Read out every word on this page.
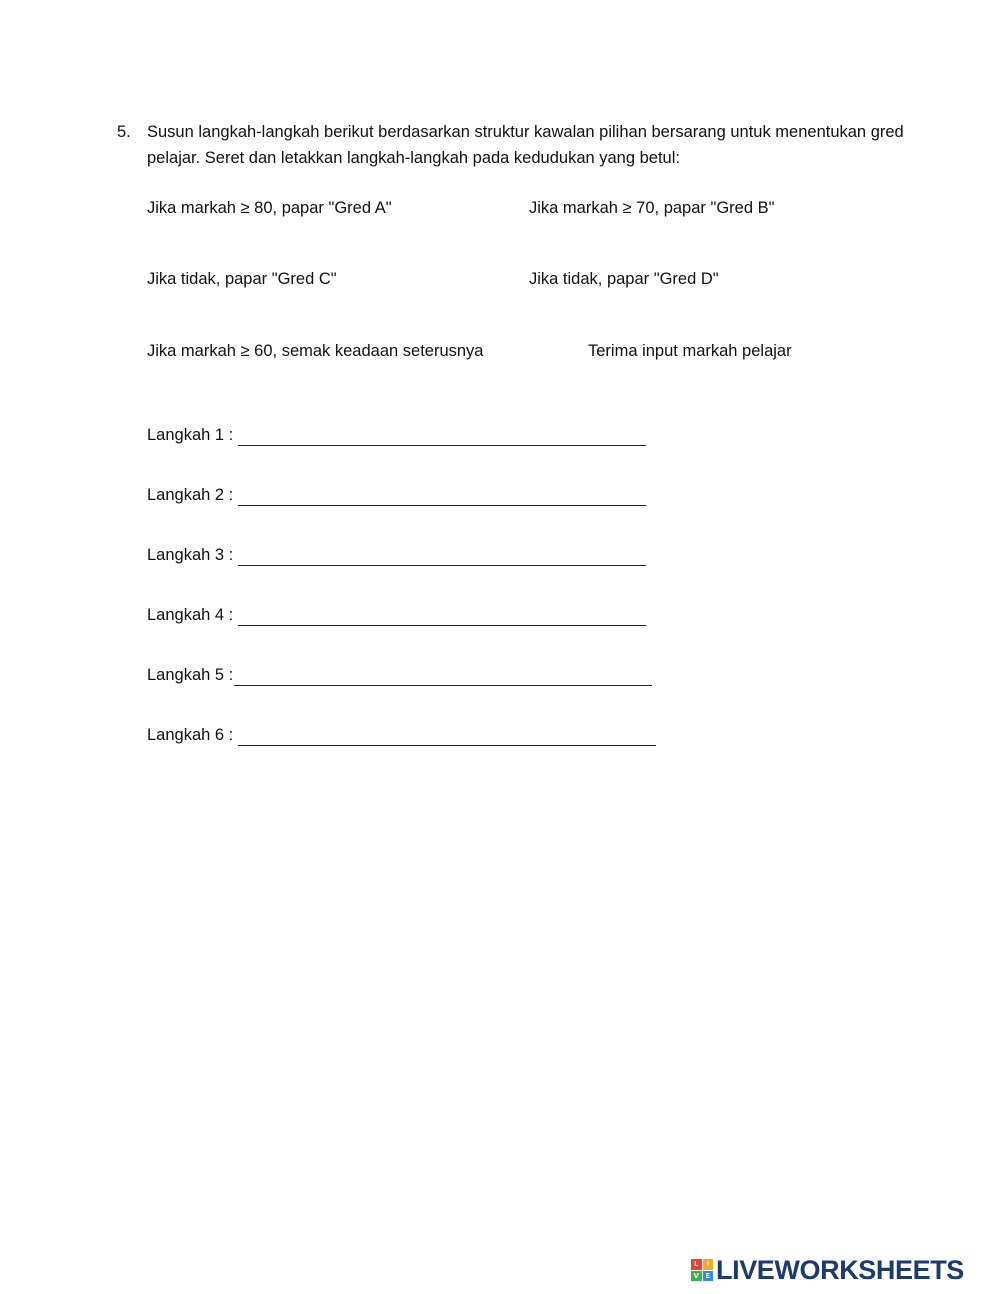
5. Susun langkah-langkah berikut berdasarkan struktur kawalan pilihan bersarang untuk menentukan gred pelajar. Seret dan letakkan langkah-langkah pada kedudukan yang betul:
Jika markah ≥ 80, papar "Gred A"	Jika markah ≥ 70, papar "Gred B"
Jika tidak, papar "Gred C"	Jika tidak, papar "Gred D"
Jika markah ≥ 60, semak keadaan seterusnya	Terima input markah pelajar
Langkah 1 :
Langkah 2 :
Langkah 3 :
Langkah 4 :
Langkah 5 :
Langkah 6 :
L	I
V E LIVEWORKSHEETS
